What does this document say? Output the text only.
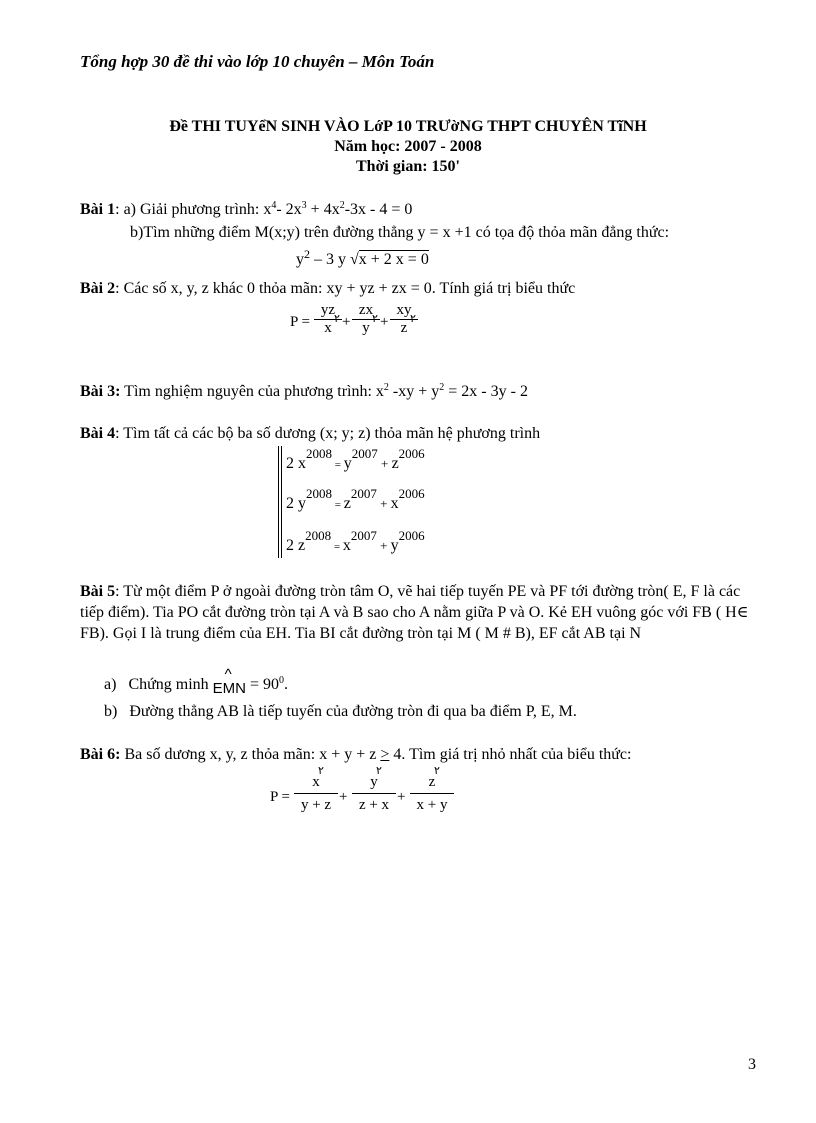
Tổng hợp 30 đề thi vào lớp 10 chuyên – Môn Toán
Đề THI TUYểN SINH VÀO LớP 10 TRƯờNG THPT CHUYÊN TĩNH
Năm học: 2007 - 2008
Thời gian: 150'
Bài 1: a) Giải phương trình: $x^4-$ $2x^3 + 4x^2-3x - 4 = 0$
b)Tìm những điểm M(x;y) trên đường thẳng y = x +1 có tọa độ thỏa mãn đẳng thức:
$y^2 - 3$ y √x + 2 x = 0
Bài 2: Các số x, y, z khác 0 thỏa mãn: xy + yz + zx = 0. Tính giá trị biểu thức
P =
yz
x
٢ +
zx
y
٢ +
xy
z
٢
Bài 3: Tìm nghiệm nguyên của phương trình: $x^2$ $-xy + y^2 = 2x - 3y - 2$
Bài 4: Tìm tất cả các bộ ba số dương (x; y; z) thỏa mãn hệ phương trình
2 $x^{2008} = y^{2007} + z^{2006}$
2 $y^{2008} = z^{2007} + x^{2006}$
2 $z^{2008} = x^{2007} + y^{2006}$
Bài 5: Từ một điểm P ở ngoài đường tròn tâm O, vẽ hai tiếp tuyến PE và PF tới đường tròn( E, F là các tiếp điểm). Tia PO cắt đường tròn tại A và B sao cho A nằm giữa P và O. Kẻ EH vuông góc với FB ( H∈ FB). Gọi I là trung điểm của EH. Tia BI cắt đường tròn tại M ( M # B), EF cắt AB tại N
a) Chứng minh
^
EMN = $90^0$.
b) Đường thẳng AB là tiếp tuyến của đường tròn đi qua ba điểm P, E, M.
Bài 6: Ba số dương x, y, z thỏa mãn: x + y + z > 4. Tìm giá trị nhỏ nhất của biểu thức:
P =
x
٢
y + z +
y
٢
z + x +
z
٢
x + y
3
